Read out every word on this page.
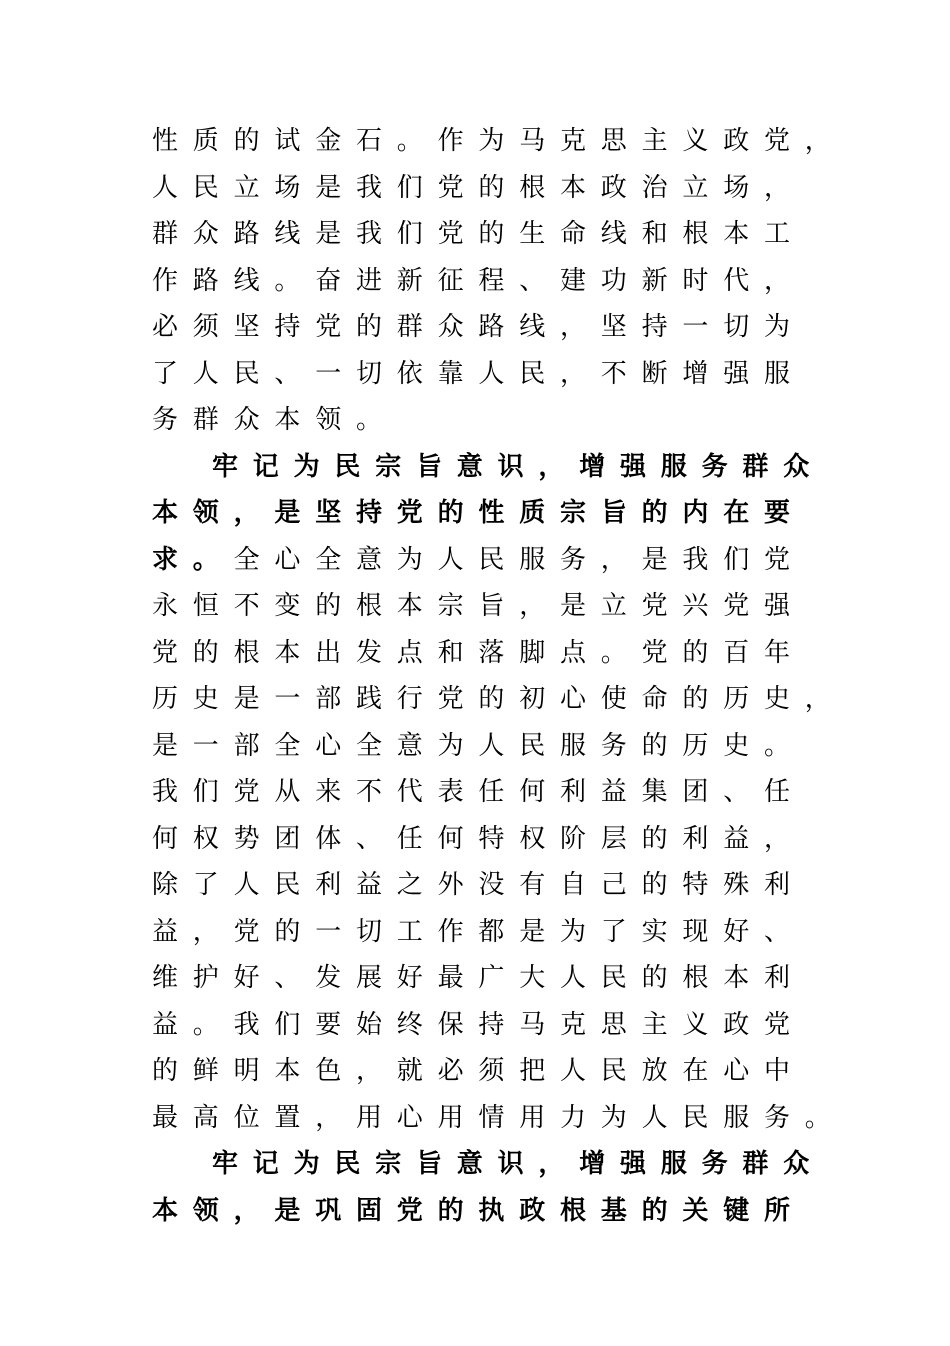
性质的试金石。作为马克思主义政党，
人民立场是我们党的根本政治立场，
群众路线是我们党的生命线和根本工
作路线。奋进新征程、建功新时代，
必须坚持党的群众路线，坚持一切为
了人民、一切依靠人民，不断增强服
务群众本领。
牢记为民宗旨意识，增强服务群众
本领，是坚持党的性质宗旨的内在要
求。全心全意为人民服务，是我们党
永恒不变的根本宗旨，是立党兴党强
党的根本出发点和落脚点。党的百年
历史是一部践行党的初心使命的历史，
是一部全心全意为人民服务的历史。
我们党从来不代表任何利益集团、任
何权势团体、任何特权阶层的利益，
除了人民利益之外没有自己的特殊利
益，党的一切工作都是为了实现好、
维护好、发展好最广大人民的根本利
益。我们要始终保持马克思主义政党
的鲜明本色，就必须把人民放在心中
最高位置，用心用情用力为人民服务。
牢记为民宗旨意识，增强服务群众
本领，是巩固党的执政根基的关键所
